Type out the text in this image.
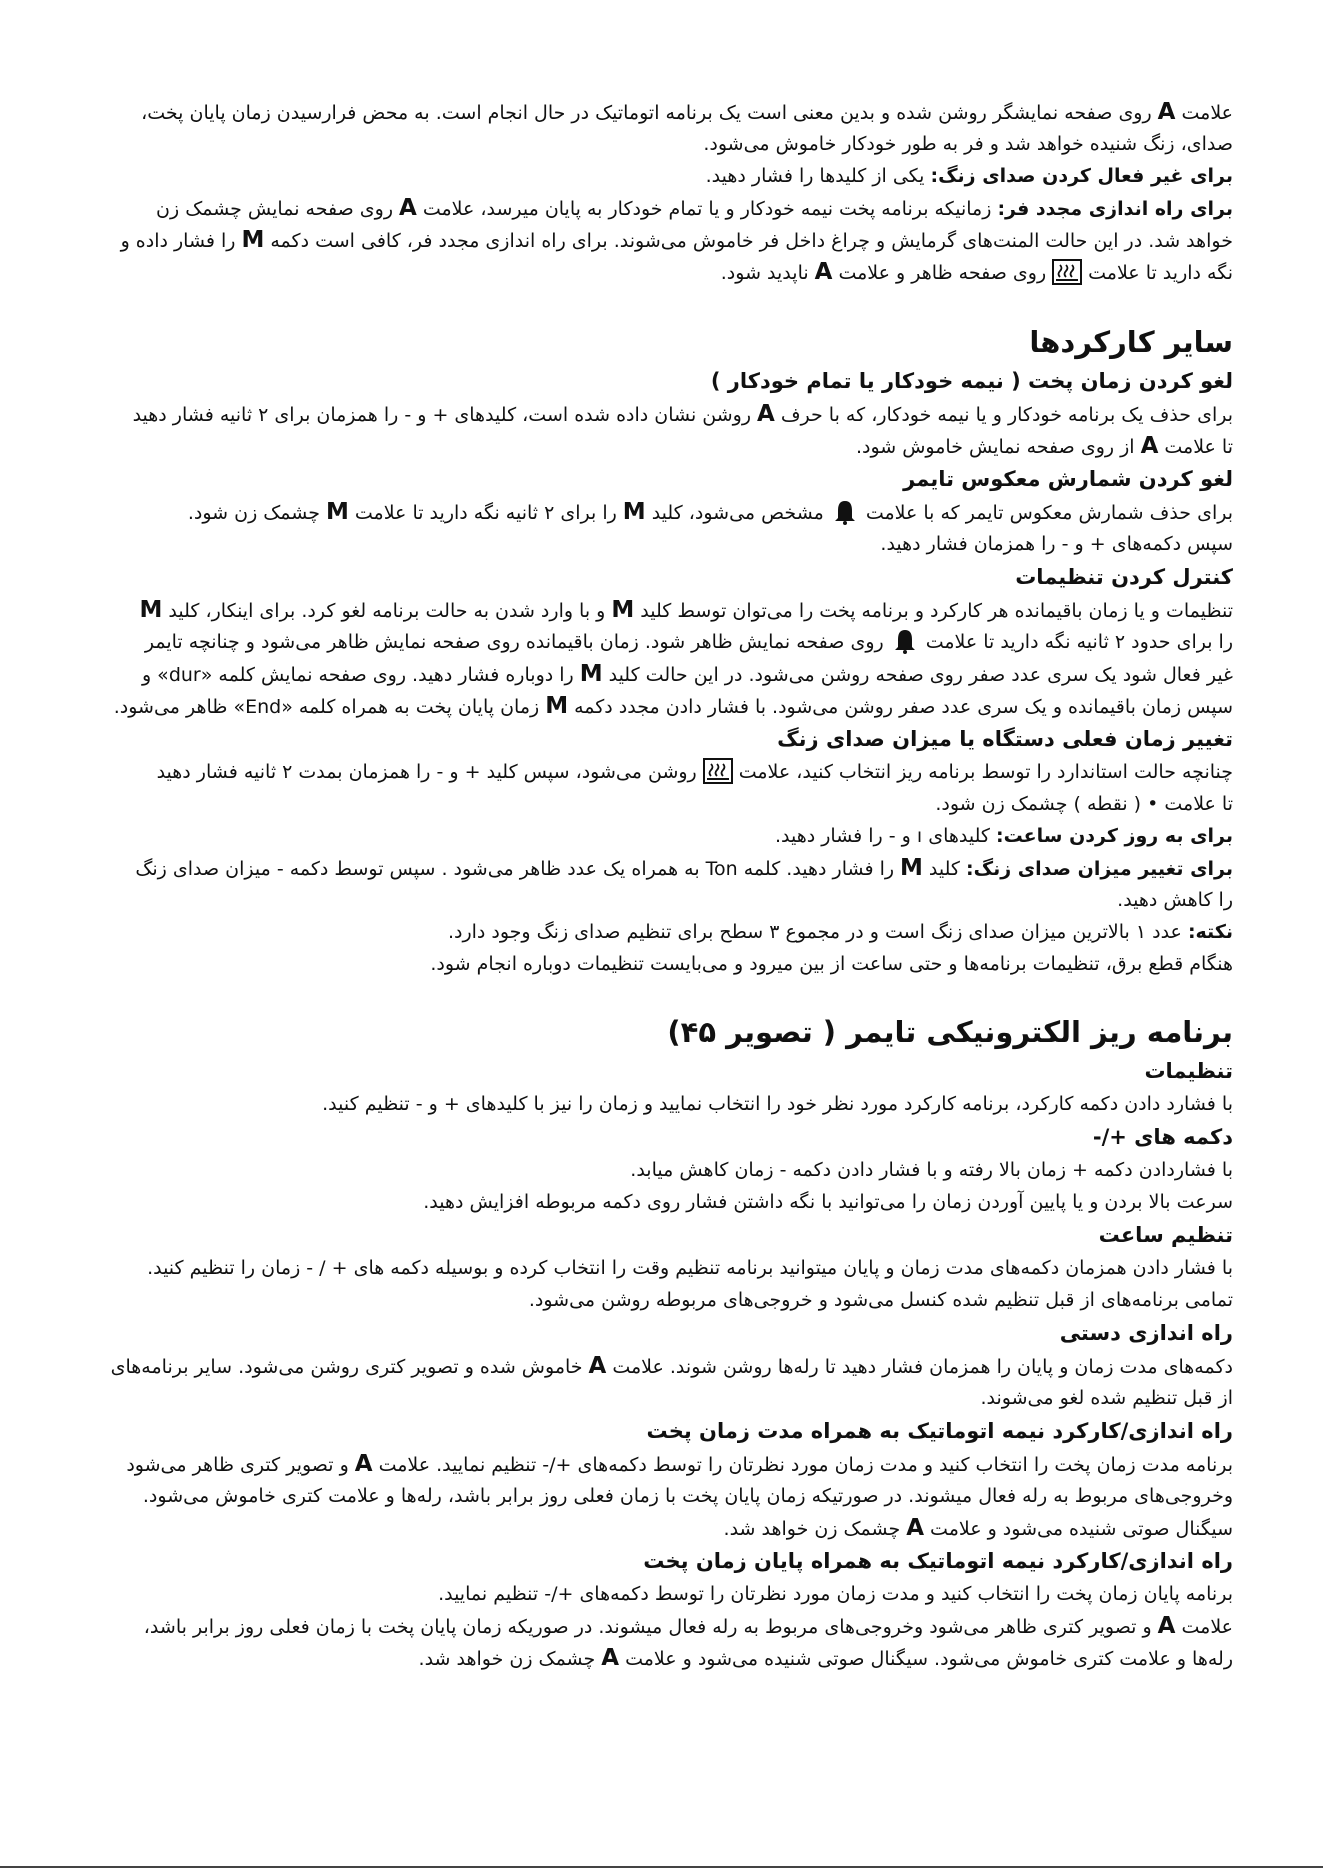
علامتAروی صفحه نمایشگر روشن شده و بدین معنی است یک برنامه اتوماتیک در حال انجام است. به محض فرارسیدن زمان پایان پخت،
صدای، زنگ شنیده خواهد شد و فر به طور خودکار خاموش می‌شود.
برای غیر فعال کردن صدای زنگ: یکی از کلیدها را فشار دهید.
برای راه اندازی مجدد فر: زمانیکه برنامه پخت نیمه خودکار و یا تمام خودکار به پایان میرسد، علامتAروی صفحه نمایش چشمک زن
خواهد شد. در این حالت المنت‌های گرمایش و چراغ داخل فر خاموش می‌شوند. برای راه اندازی مجدد فر، کافی است دکمهMرا فشار داده و
نگه دارید تا علامت
روی صفحه ظاهر و علامتAناپدید شود.
سایر کارکردها
لغو کردن زمان پخت ( نیمه خودکار یا تمام خودکار )
برای حذف یک برنامه خودکار و یا نیمه خودکار، که با حرفAروشن نشان داده شده است، کلیدهای + و - را همزمان برای ۲ ثانیه فشار دهید
تا علامتAاز روی صفحه نمایش خاموش شود.
لغو کردن شمارش معکوس تایمر
برای حذف شمارش معکوس تایمر که با علامت
مشخص می‌شود، کلیدMرا برای ۲ ثانیه نگه دارید تا علامتMچشمک زن شود.
سپس دکمه‌های + و - را همزمان فشار دهید.
کنترل کردن تنظیمات
تنظیمات و یا زمان باقیمانده هر کارکرد و برنامه پخت را می‌توان توسط کلیدMو با وارد شدن به حالت برنامه لغو کرد. برای اینکار، کلیدM
را برای حدود ۲ ثانیه نگه دارید تا علامت
روی صفحه نمایش ظاهر شود. زمان باقیمانده روی صفحه نمایش ظاهر می‌شود و چنانچه تایمر
غیر فعال شود یک سری عدد صفر روی صفحه روشن می‌شود. در این حالت کلیدMرا دوباره فشار دهید. روی صفحه نمایش کلمه «dur» و
سپس زمان باقیمانده و یک سری عدد صفر روشن می‌شود. با فشار دادن مجدد دکمهMزمان پایان پخت به همراه کلمه «End» ظاهر می‌شود.
تغییر زمان فعلی دستگاه یا میزان صدای زنگ
چنانچه حالت استاندارد را توسط برنامه ریز انتخاب کنید، علامت
روشن می‌شود، سپس کلید + و - را همزمان بمدت ۲ ثانیه فشار دهید
تا علامت • ( نقطه ) چشمک زن شود.
برای به روز کردن ساعت: کلیدهای ı و - را فشار دهید.
برای تغییر میزان صدای زنگ: کلیدMرا فشار دهید. کلمه Ton به همراه یک عدد ظاهر می‌شود . سپس توسط دکمه - میزان صدای زنگ
را کاهش دهید.
نکته: عدد ۱ بالاترین میزان صدای زنگ است و در مجموع ۳ سطح برای تنظیم صدای زنگ وجود دارد.
هنگام قطع برق، تنظیمات برنامه‌ها و حتی ساعت از بین میرود و می‌بایست تنظیمات دوباره انجام شود.
برنامه ریز الکترونیکی تایمر ( تصویر ۴۵)
تنظیمات
با فشارد دادن دکمه کارکرد، برنامه کارکرد مورد نظر خود را انتخاب نمایید و زمان را نیز با کلیدهای + و - تنظیم کنید.
دکمه های +/-
با فشاردادن دکمه + زمان بالا رفته و با فشار دادن دکمه - زمان کاهش میابد.
سرعت بالا بردن و یا پایین آوردن زمان را می‌توانید با نگه داشتن فشار روی دکمه مربوطه افزایش دهید.
تنظیم ساعت
با فشار دادن همزمان دکمه‌های مدت زمان و پایان میتوانید برنامه تنظیم وقت را انتخاب کرده و بوسیله دکمه های + / - زمان را تنظیم کنید.
تمامی برنامه‌های از قبل تنظیم شده کنسل می‌شود و خروجی‌های مربوطه روشن می‌شود.
راه اندازی دستی
دکمه‌های مدت زمان و پایان را همزمان فشار دهید تا رله‌ها روشن شوند. علامتAخاموش شده و تصویر کتری روشن می‌شود. سایر برنامه‌های
از قبل تنظیم شده لغو می‌شوند.
راه اندازی/کارکرد نیمه اتوماتیک به همراه مدت زمان پخت
برنامه مدت زمان پخت را انتخاب کنید و مدت زمان مورد نظرتان را توسط دکمه‌های +/- تنظیم نمایید. علامتAو تصویر کتری ظاهر می‌شود
وخروجی‌های مربوط به رله فعال میشوند. در صورتیکه زمان پایان پخت با زمان فعلی روز برابر باشد، رله‌ها و علامت کتری خاموش می‌شود.
سیگنال صوتی شنیده می‌شود و علامتAچشمک زن خواهد شد.
راه اندازی/کارکرد نیمه اتوماتیک به همراه پایان زمان پخت
برنامه پایان زمان پخت را انتخاب کنید و مدت زمان مورد نظرتان را توسط دکمه‌های +/- تنظیم نمایید.
علامتAو تصویر کتری ظاهر می‌شود وخروجی‌های مربوط به رله فعال میشوند. در صوریکه زمان پایان پخت با زمان فعلی روز برابر باشد،
رله‌ها و علامت کتری خاموش می‌شود. سیگنال صوتی شنیده می‌شود و علامتAچشمک زن خواهد شد.
